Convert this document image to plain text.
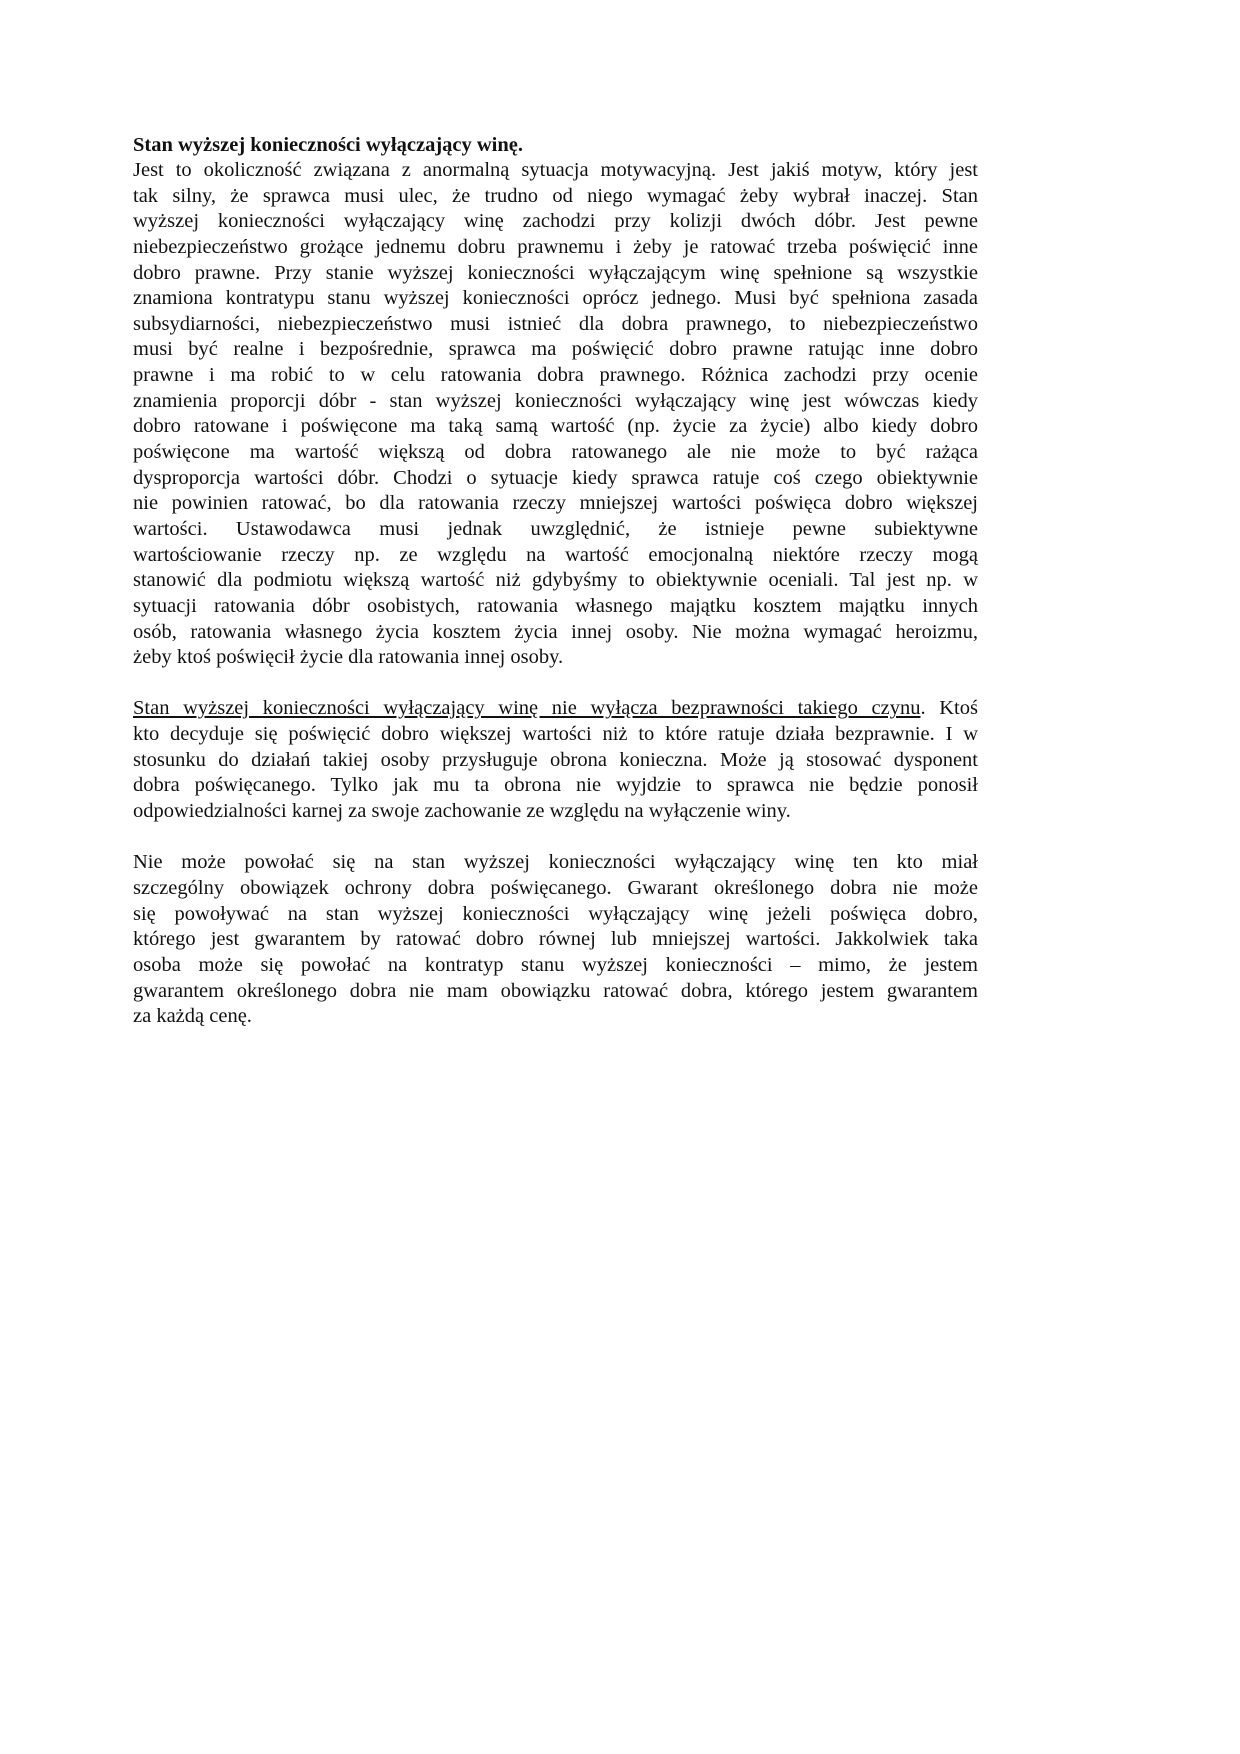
Stan wyższej konieczności wyłączający winę.
Jest to okoliczność związana z anormalną sytuacja motywacyjną. Jest jakiś motyw, który jest
tak silny, że sprawca musi ulec, że trudno od niego wymagać żeby wybrał inaczej. Stan
wyższej konieczności wyłączający winę zachodzi przy kolizji dwóch dóbr. Jest pewne
niebezpieczeństwo grożące jednemu dobru prawnemu i żeby je ratować trzeba poświęcić inne
dobro prawne. Przy stanie wyższej konieczności wyłączającym winę spełnione są wszystkie
znamiona kontratypu stanu wyższej konieczności oprócz jednego. Musi być spełniona zasada
subsydiarności, niebezpieczeństwo musi istnieć dla dobra prawnego, to niebezpieczeństwo
musi być realne i bezpośrednie, sprawca ma poświęcić dobro prawne ratując inne dobro
prawne i ma robić to w celu ratowania dobra prawnego. Różnica zachodzi przy ocenie
znamienia proporcji dóbr - stan wyższej konieczności wyłączający winę jest wówczas kiedy
dobro ratowane i poświęcone ma taką samą wartość (np. życie za życie) albo kiedy dobro
poświęcone ma wartość większą od dobra ratowanego ale nie może to być rażąca
dysproporcja wartości dóbr. Chodzi o sytuacje kiedy sprawca ratuje coś czego obiektywnie
nie powinien ratować, bo dla ratowania rzeczy mniejszej wartości poświęca dobro większej
wartości. Ustawodawca musi jednak uwzględnić, że istnieje pewne subiektywne
wartościowanie rzeczy np. ze względu na wartość emocjonalną niektóre rzeczy mogą
stanowić dla podmiotu większą wartość niż gdybyśmy to obiektywnie oceniali. Tal jest np. w
sytuacji ratowania dóbr osobistych, ratowania własnego majątku kosztem majątku innych
osób, ratowania własnego życia kosztem życia innej osoby. Nie można wymagać heroizmu,
żeby ktoś poświęcił życie dla ratowania innej osoby.
Stan wyższej konieczności wyłączający winę nie wyłącza bezprawności takiego czynu. Ktoś
kto decyduje się poświęcić dobro większej wartości niż to które ratuje działa bezprawnie. I w
stosunku do działań takiej osoby przysługuje obrona konieczna. Może ją stosować dysponent
dobra poświęcanego. Tylko jak mu ta obrona nie wyjdzie to sprawca nie będzie ponosił
odpowiedzialności karnej za swoje zachowanie ze względu na wyłączenie winy.
Nie może powołać się na stan wyższej konieczności wyłączający winę ten kto miał
szczególny obowiązek ochrony dobra poświęcanego. Gwarant określonego dobra nie może
się powoływać na stan wyższej konieczności wyłączający winę jeżeli poświęca dobro,
którego jest gwarantem by ratować dobro równej lub mniejszej wartości. Jakkolwiek taka
osoba może się powołać na kontratyp stanu wyższej konieczności – mimo, że jestem
gwarantem określonego dobra nie mam obowiązku ratować dobra, którego jestem gwarantem
za każdą cenę.
